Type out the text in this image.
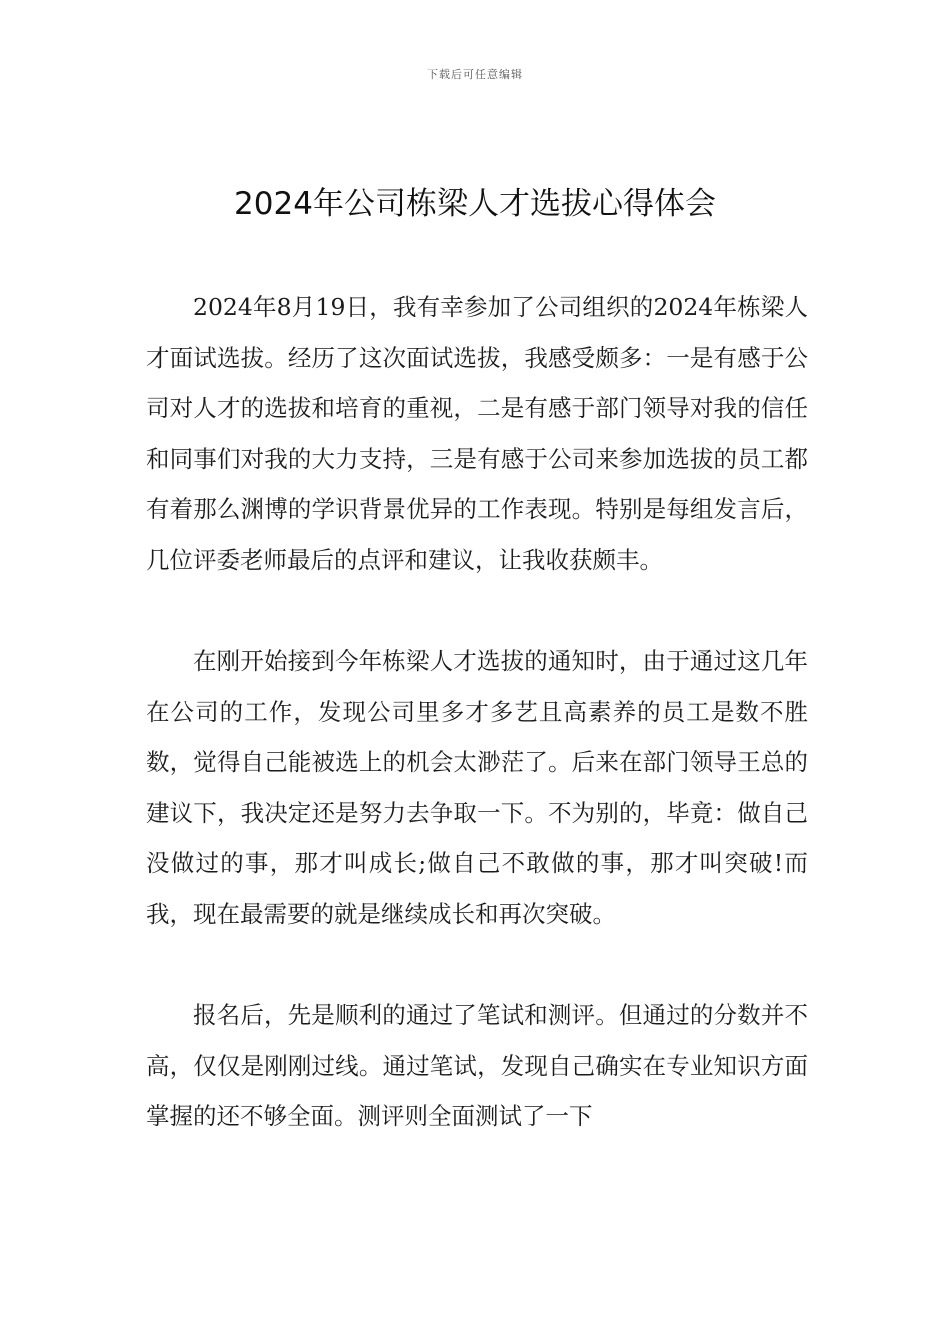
下载后可任意编辑
2024年公司栋梁人才选拔心得体会

2024年8月19日，我有幸参加了公司组织的2024年栋梁人才面试选拔。经历了这次面试选拔，我感受颇多：一是有感于公司对人才的选拔和培育的重视，二是有感于部门领导对我的信任和同事们对我的大力支持，三是有感于公司来参加选拔的员工都有着那么渊博的学识背景优异的工作表现。特别是每组发言后，几位评委老师最后的点评和建议，让我收获颇丰。

在刚开始接到今年栋梁人才选拔的通知时，由于通过这几年在公司的工作，发现公司里多才多艺且高素养的员工是数不胜数，觉得自己能被选上的机会太渺茫了。后来在部门领导王总的建议下，我决定还是努力去争取一下。不为别的，毕竟：做自己没做过的事，那才叫成长;做自己不敢做的事，那才叫突破!而我，现在最需要的就是继续成长和再次突破。

报名后，先是顺利的通过了笔试和测评。但通过的分数并不高，仅仅是刚刚过线。通过笔试，发现自己确实在专业知识方面掌握的还不够全面。测评则全面测试了一下
